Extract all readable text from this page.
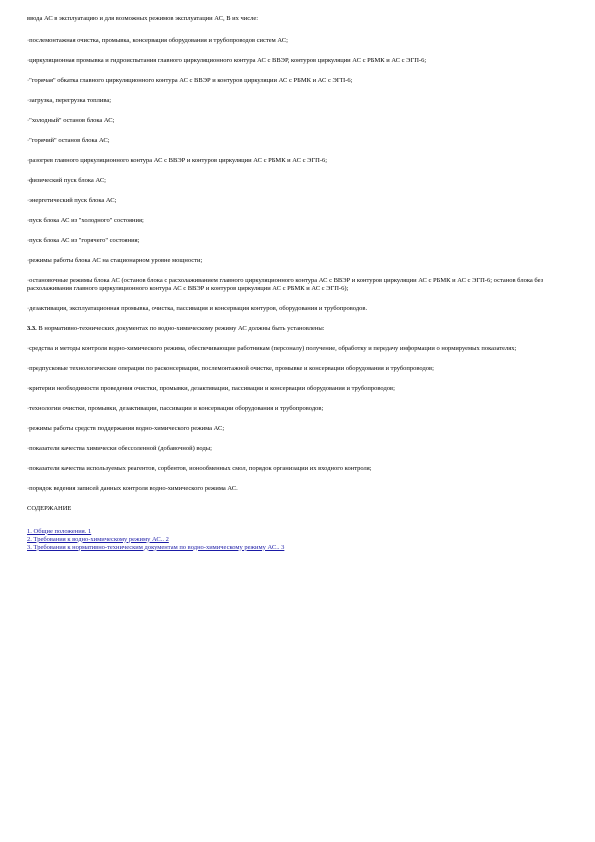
ввода АС в эксплуатацию и для возможных режимов эксплуатации АС, В их числе:

·послемонтажная очистка, промывка, консервация оборудования и трубопроводов систем АС;

·циркуляционная промывка и гидроиспытания главного циркуляционного контура АС с ВВЭР, контуров циркуляции АС с РБМК и АС с ЭГП-6;

·"горячая" обкатка главного циркуляционного контура АС с ВВЭР и контуров циркуляции АС с РБМК и АС с ЭГП-6;

·загрузка, перегрузка топлива;

·"холодный" останов блока АС;

·"горячий" останов блока АС;

·разогрев главного циркуляционного контура АС с ВВЭР и контуров циркуляции АС с РБМК и АС с ЭГП-6;

·физический пуск блока АС;

·энергетический пуск блока АС;

·пуск блока АС из "холодного" состояния;

·пуск блока АС из "горячего" состояния;

·режимы работы блока АС на стационарном уровне мощности;

·остановочные режимы блока АС (останов блока с расхолаживанием главного циркуляционного контура АС с ВВЭР и контуров циркуляции АС с РБМК и АС с ЭГП-6; останов блока без расхолаживания главного циркуляционного контура АС с ВВЭР и контуров циркуляции АС с РБМК и АС с ЭГП-6);

·дезактивация, эксплуатационная промывка, очистка, пассивация и консервация контуров, оборудования и трубопроводов.

3.3. В нормативно-технических документах по водно-химическому режиму АС должны быть установлены:

·средства и методы контроля водно-химического режима, обеспечивающие работникам (персоналу) получение, обработку и передачу информации о нормируемых показателях;

·предпусковые технологические операции по расконсервации, послемонтажной очистке, промывке и консервации оборудования и трубопроводов;

·критерии необходимости проведения очистки, промывки, дезактивации, пассивации и консервации оборудования и трубопроводов;

·технологии очистки, промывки, дезактивации, пассивации и консервации оборудования и трубопроводов;

·режимы работы средств поддержания водно-химического режима АС;

·показатели качества химически обессоленной (добавочной) воды;

·показатели качества используемых реагентов, сорбентов, ионообменных смол, порядок организации их входного контроля;

·порядок ведения записей данных контроля водно-химического режима АС.

СОДЕРЖАНИЕ

1. Общие положения. 1
2. Требования к водно-химическому режиму АС.. 2
3. Требования к нормативно-техническим документам по водно-химическому режиму АС.. 3
